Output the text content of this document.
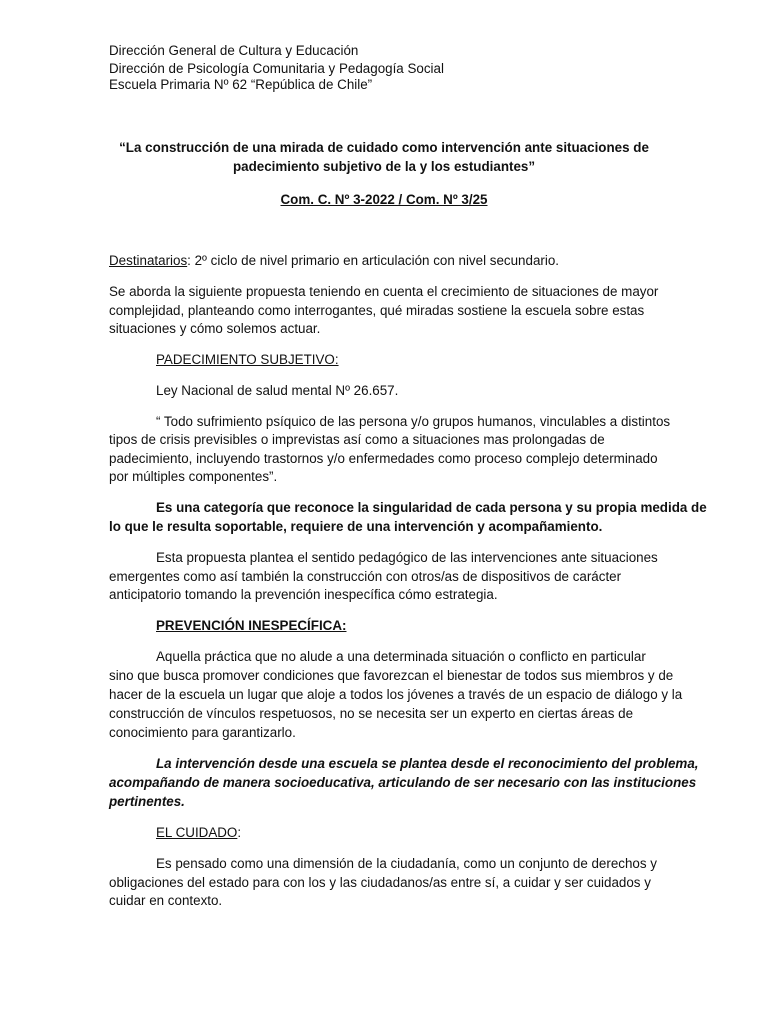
Dirección General de Cultura y Educación
Dirección de Psicología Comunitaria y Pedagogía Social
Escuela Primaria Nº 62 “República de Chile”
“La construcción de una mirada de cuidado como intervención ante situaciones de
padecimiento subjetivo de la y los estudiantes”
Com. C. Nº 3-2022 / Com. Nº 3/25
Destinatarios: 2º ciclo de nivel primario en articulación con nivel secundario.
Se aborda la siguiente propuesta teniendo en cuenta el crecimiento de situaciones de mayor
complejidad, planteando como interrogantes, qué miradas sostiene la escuela sobre estas
situaciones y cómo solemos actuar.
PADECIMIENTO SUBJETIVO:
Ley Nacional de salud mental Nº 26.657.
“ Todo sufrimiento psíquico de las persona y/o grupos humanos, vinculables a distintos
tipos de crisis previsibles o imprevistas así como a situaciones mas prolongadas de
padecimiento, incluyendo trastornos y/o enfermedades como proceso complejo determinado
por múltiples componentes”.
Es una categoría que reconoce la singularidad de cada persona y su propia medida de
lo que le resulta soportable, requiere de una intervención y acompañamiento.
Esta propuesta plantea el sentido pedagógico de las intervenciones ante situaciones
emergentes como así también la construcción con otros/as de dispositivos de carácter
anticipatorio tomando la prevención inespecífica cómo estrategia.
PREVENCIÓN INESPECÍFICA:
Aquella práctica que no alude a una determinada situación o conflicto en particular
sino que busca promover condiciones que favorezcan el bienestar de todos sus miembros y de
hacer de la escuela un lugar que aloje a todos los jóvenes a través de un espacio de diálogo y la
construcción de vínculos respetuosos, no se necesita ser un experto en ciertas áreas de
conocimiento para garantizarlo.
La intervención desde una escuela se plantea desde el reconocimiento del problema,
acompañando de manera socioeducativa, articulando de ser necesario con las instituciones
pertinentes.
EL CUIDADO:
Es pensado como una dimensión de la ciudadanía, como un conjunto de derechos y
obligaciones del estado para con los y las ciudadanos/as entre sí, a cuidar y ser cuidados y
cuidar en contexto.
